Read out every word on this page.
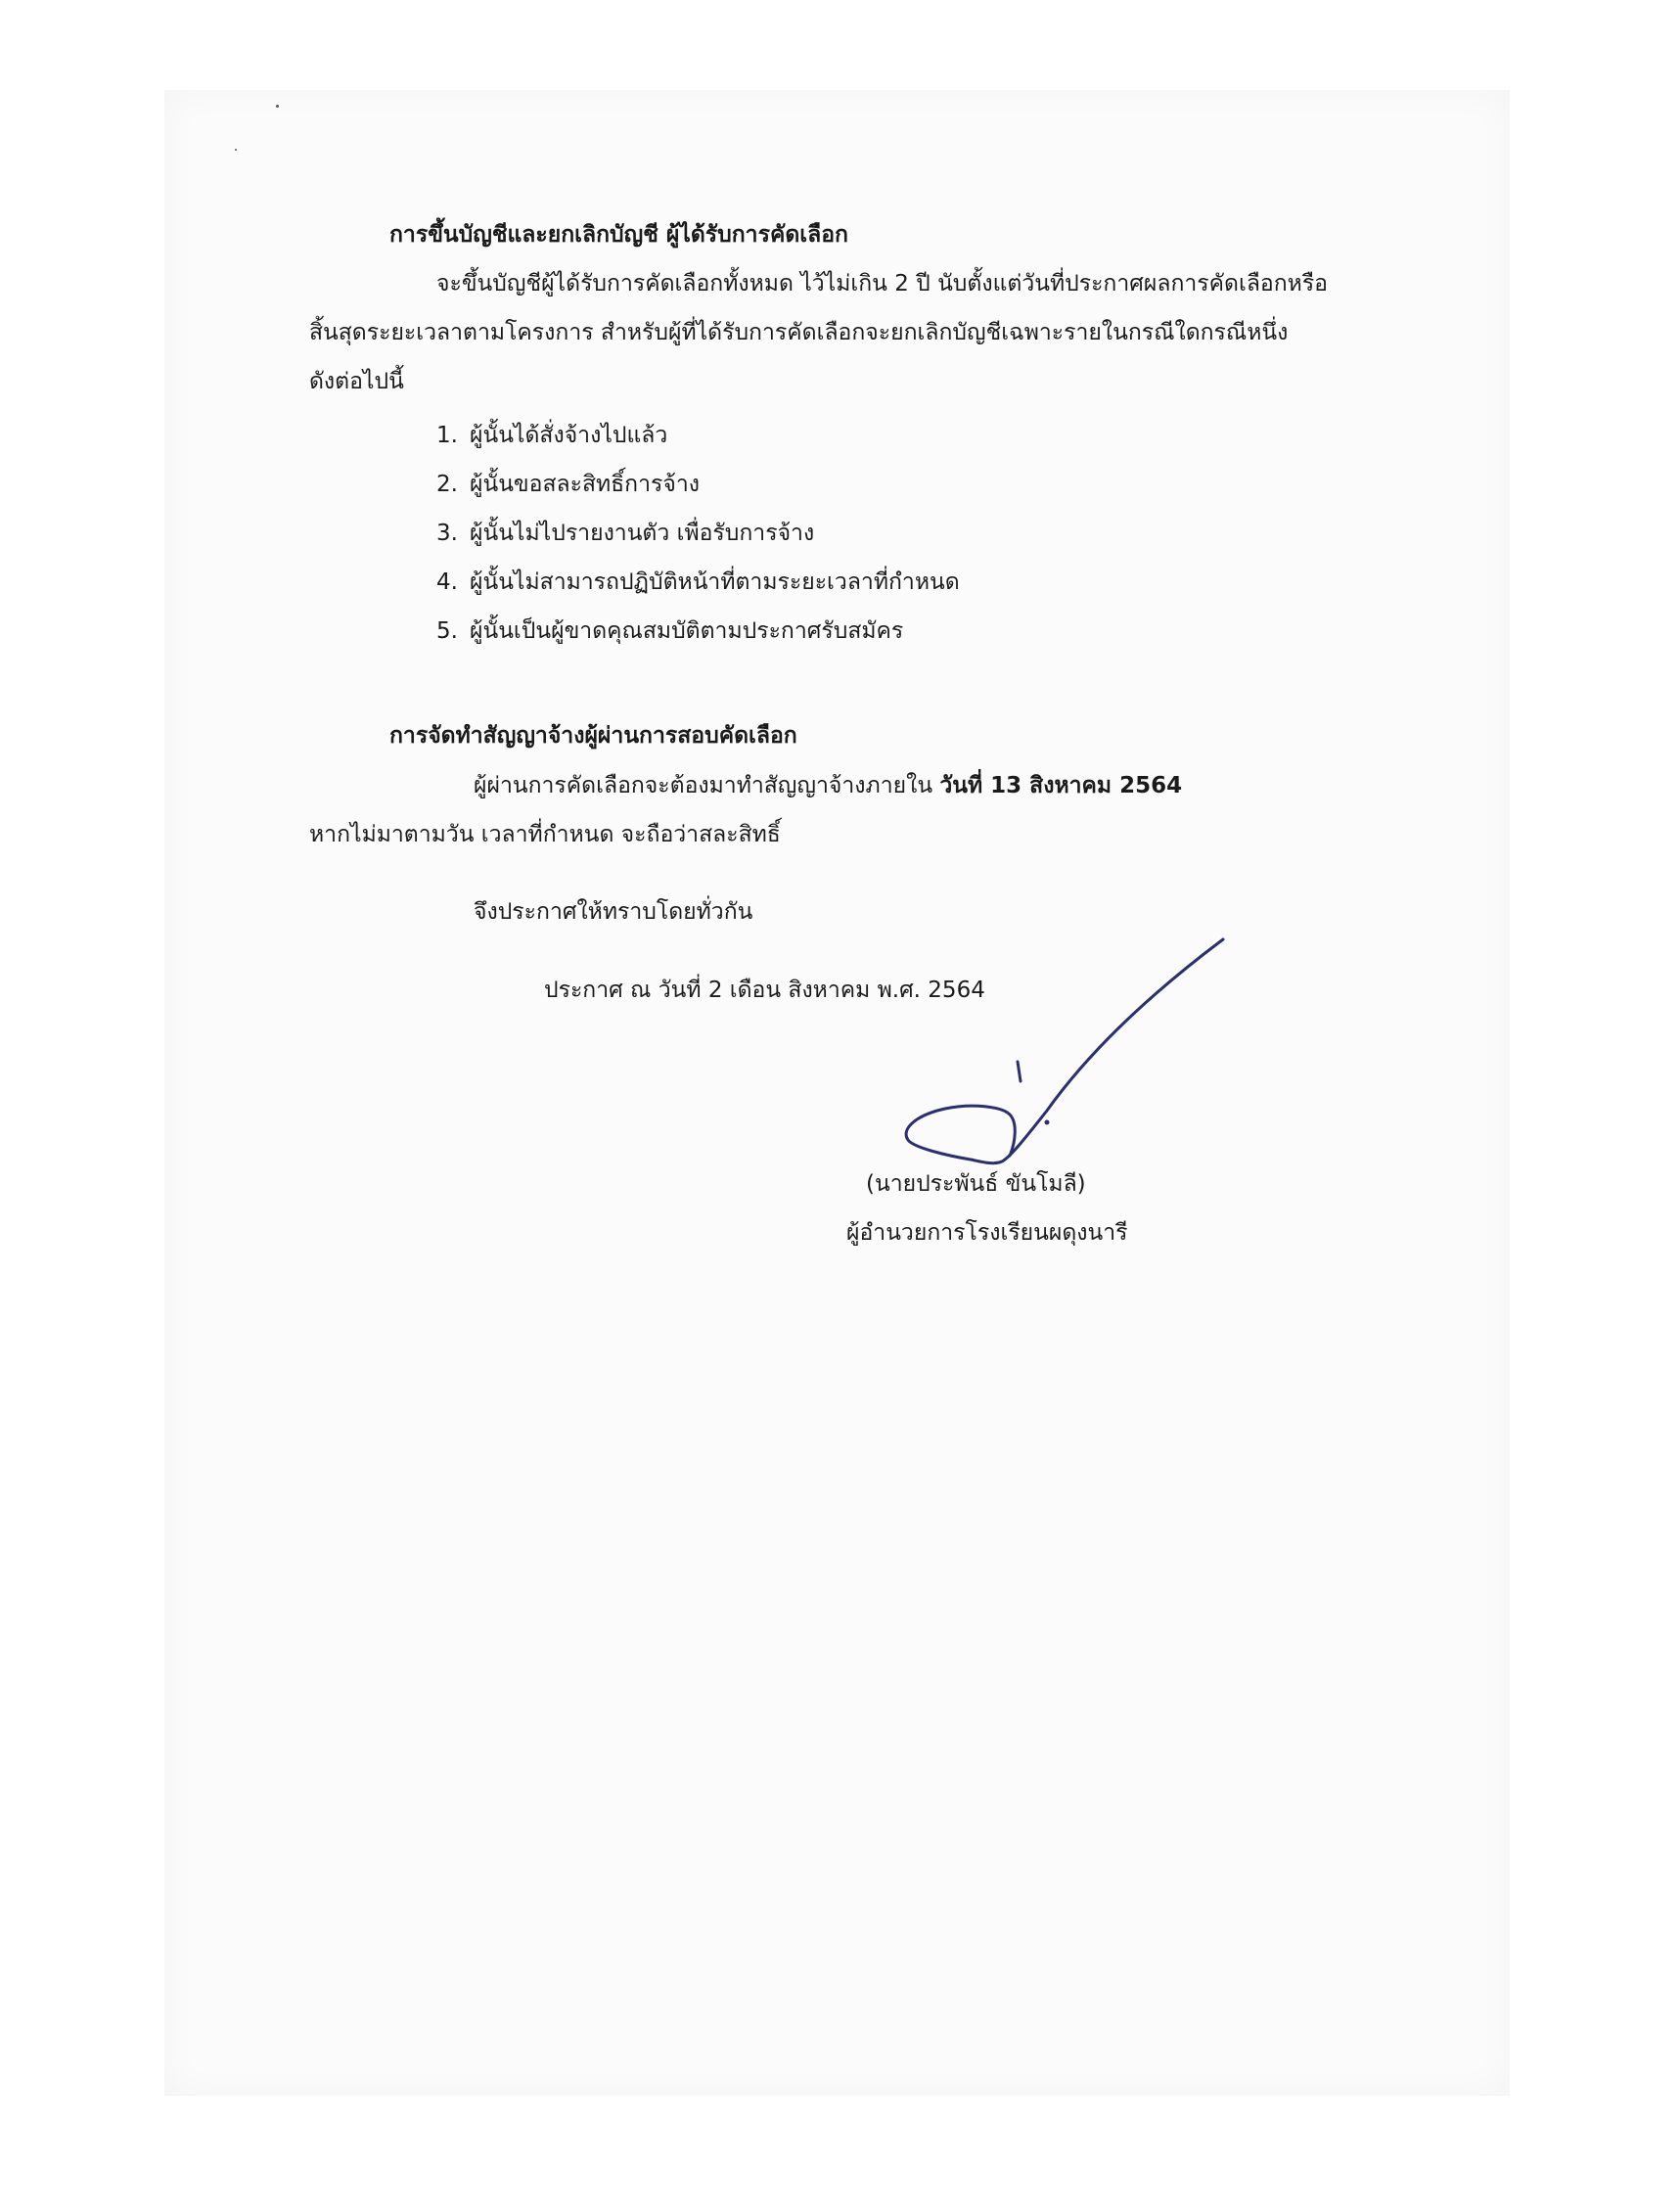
การขึ้นบัญชีและยกเลิกบัญชี ผู้ได้รับการคัดเลือก
จะขึ้นบัญชีผู้ได้รับการคัดเลือกทั้งหมด ไว้ไม่เกิน 2 ปี นับตั้งแต่วันที่ประกาศผลการคัดเลือกหรือ
สิ้นสุดระยะเวลาตามโครงการ สำหรับผู้ที่ได้รับการคัดเลือกจะยกเลิกบัญชีเฉพาะรายในกรณีใดกรณีหนึ่ง
ดังต่อไปนี้
1. ผู้นั้นได้สั่งจ้างไปแล้ว
2. ผู้นั้นขอสละสิทธิ์การจ้าง
3. ผู้นั้นไม่ไปรายงานตัว เพื่อรับการจ้าง
4. ผู้นั้นไม่สามารถปฏิบัติหน้าที่ตามระยะเวลาที่กำหนด
5. ผู้นั้นเป็นผู้ขาดคุณสมบัติตามประกาศรับสมัคร
การจัดทำสัญญาจ้างผู้ผ่านการสอบคัดเลือก
ผู้ผ่านการคัดเลือกจะต้องมาทำสัญญาจ้างภายใน วันที่ 13 สิงหาคม 2564
หากไม่มาตามวัน เวลาที่กำหนด จะถือว่าสละสิทธิ์
จึงประกาศให้ทราบโดยทั่วกัน
ประกาศ ณ วันที่ 2 เดือน สิงหาคม พ.ศ. 2564
(นายประพันธ์ ขันโมลี)
ผู้อำนวยการโรงเรียนผดุงนารี
